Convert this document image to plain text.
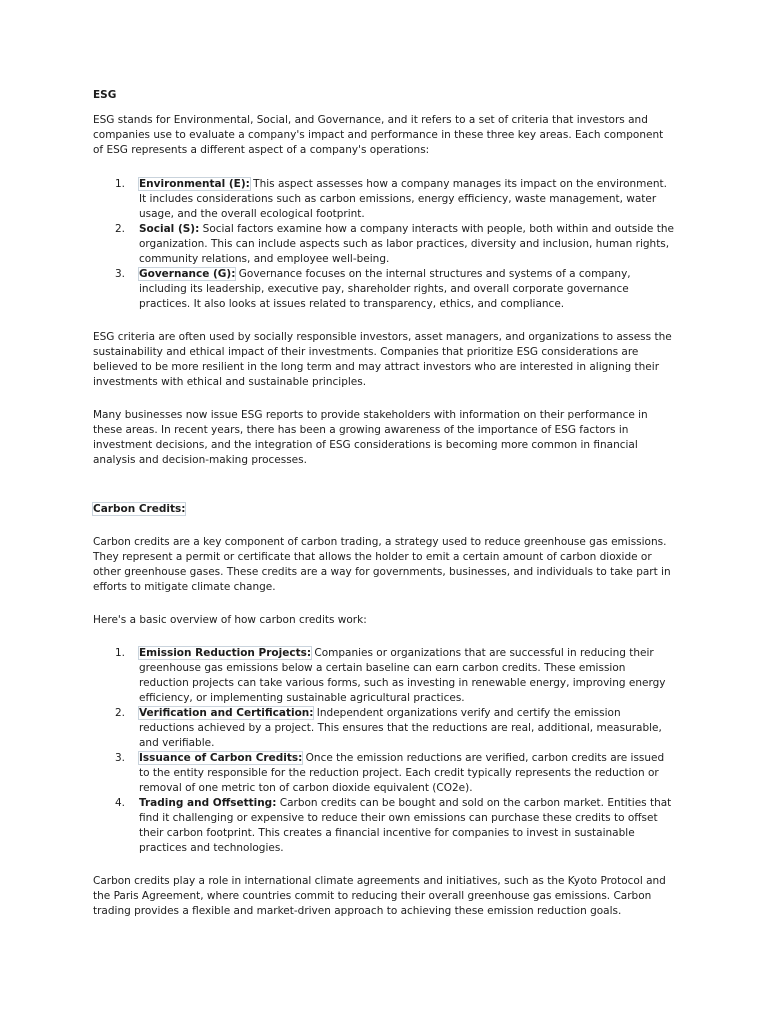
ESG

ESG stands for Environmental, Social, and Governance, and it refers to a set of criteria that investors and companies use to evaluate a company's impact and performance in these three key areas. Each component of ESG represents a different aspect of a company's operations:

1. Environmental (E): This aspect assesses how a company manages its impact on the environment. It includes considerations such as carbon emissions, energy efficiency, waste management, water usage, and the overall ecological footprint.
2. Social (S): Social factors examine how a company interacts with people, both within and outside the organization. This can include aspects such as labor practices, diversity and inclusion, human rights, community relations, and employee well-being.
3. Governance (G): Governance focuses on the internal structures and systems of a company, including its leadership, executive pay, shareholder rights, and overall corporate governance practices. It also looks at issues related to transparency, ethics, and compliance.

ESG criteria are often used by socially responsible investors, asset managers, and organizations to assess the sustainability and ethical impact of their investments. Companies that prioritize ESG considerations are believed to be more resilient in the long term and may attract investors who are interested in aligning their investments with ethical and sustainable principles.

Many businesses now issue ESG reports to provide stakeholders with information on their performance in these areas. In recent years, there has been a growing awareness of the importance of ESG factors in investment decisions, and the integration of ESG considerations is becoming more common in financial analysis and decision-making processes.

Carbon Credits:

Carbon credits are a key component of carbon trading, a strategy used to reduce greenhouse gas emissions. They represent a permit or certificate that allows the holder to emit a certain amount of carbon dioxide or other greenhouse gases. These credits are a way for governments, businesses, and individuals to take part in efforts to mitigate climate change.

Here's a basic overview of how carbon credits work:

1. Emission Reduction Projects: Companies or organizations that are successful in reducing their greenhouse gas emissions below a certain baseline can earn carbon credits. These emission reduction projects can take various forms, such as investing in renewable energy, improving energy efficiency, or implementing sustainable agricultural practices.
2. Verification and Certification: Independent organizations verify and certify the emission reductions achieved by a project. This ensures that the reductions are real, additional, measurable, and verifiable.
3. Issuance of Carbon Credits: Once the emission reductions are verified, carbon credits are issued to the entity responsible for the reduction project. Each credit typically represents the reduction or removal of one metric ton of carbon dioxide equivalent (CO2e).
4. Trading and Offsetting: Carbon credits can be bought and sold on the carbon market. Entities that find it challenging or expensive to reduce their own emissions can purchase these credits to offset their carbon footprint. This creates a financial incentive for companies to invest in sustainable practices and technologies.

Carbon credits play a role in international climate agreements and initiatives, such as the Kyoto Protocol and the Paris Agreement, where countries commit to reducing their overall greenhouse gas emissions. Carbon trading provides a flexible and market-driven approach to achieving these emission reduction goals.
